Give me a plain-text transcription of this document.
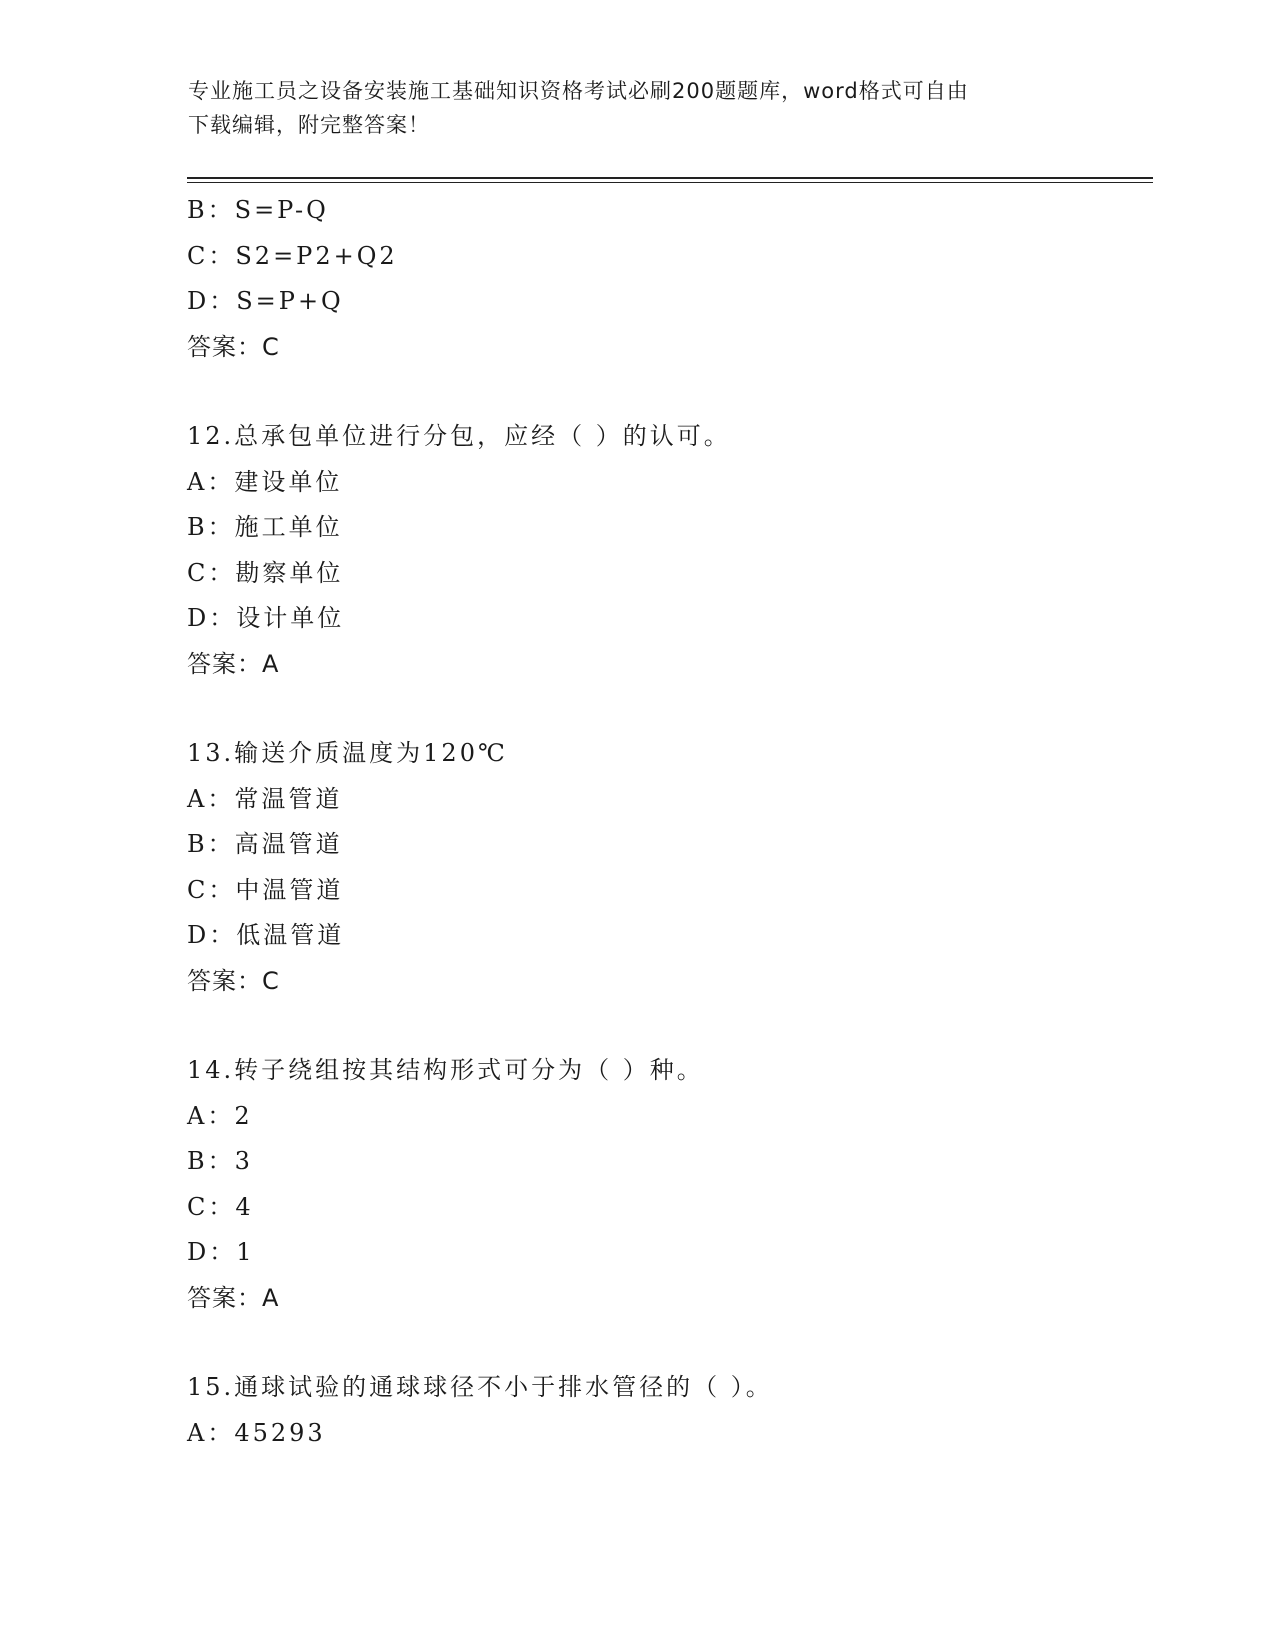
专业施工员之设备安装施工基础知识资格考试必刷200题题库，word格式可自由
下载编辑，附完整答案！
B：S=P-Q
C：S2=P2+Q2
D：S=P+Q
答案：C
12.总承包单位进行分包，应经（ ）的认可。
A：建设单位
B：施工单位
C：勘察单位
D：设计单位
答案：A
13.输送介质温度为120℃
A：常温管道
B：高温管道
C：中温管道
D：低温管道
答案：C
14.转子绕组按其结构形式可分为（ ）种。
A：2
B：3
C：4
D：1
答案：A
15.通球试验的通球球径不小于排水管径的（ ）。
A：45293
